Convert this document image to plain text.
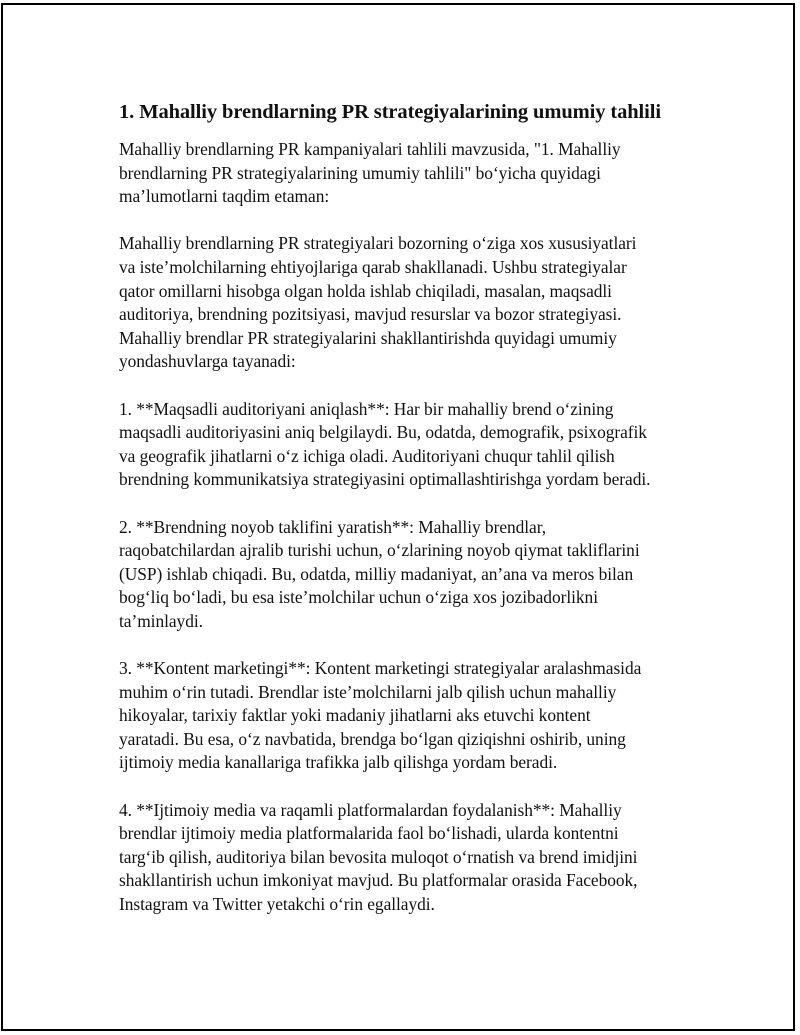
1. Mahalliy brendlarning PR strategiyalarining umumiy tahlili

Mahalliy brendlarning PR kampaniyalari tahlili mavzusida, "1. Mahalliy
brendlarning PR strategiyalarining umumiy tahlili" bo‘yicha quyidagi
ma’lumotlarni taqdim etaman:

Mahalliy brendlarning PR strategiyalari bozorning o‘ziga xos xususiyatlari
va iste’molchilarning ehtiyojlariga qarab shakllanadi. Ushbu strategiyalar
qator omillarni hisobga olgan holda ishlab chiqiladi, masalan, maqsadli
auditoriya, brendning pozitsiyasi, mavjud resurslar va bozor strategiyasi.
Mahalliy brendlar PR strategiyalarini shakllantirishda quyidagi umumiy
yondashuvlarga tayanadi:

1. **Maqsadli auditoriyani aniqlash**: Har bir mahalliy brend o‘zining
maqsadli auditoriyasini aniq belgilaydi. Bu, odatda, demografik, psixografik
va geografik jihatlarni o‘z ichiga oladi. Auditoriyani chuqur tahlil qilish
brendning kommunikatsiya strategiyasini optimallashtirishga yordam beradi.

2. **Brendning noyob taklifini yaratish**: Mahalliy brendlar,
raqobatchilardan ajralib turishi uchun, o‘zlarining noyob qiymat takliflarini
(USP) ishlab chiqadi. Bu, odatda, milliy madaniyat, an’ana va meros bilan
bog‘liq bo‘ladi, bu esa iste’molchilar uchun o‘ziga xos jozibadorlikni
ta’minlaydi.

3. **Kontent marketingi**: Kontent marketingi strategiyalar aralashmasida
muhim o‘rin tutadi. Brendlar iste’molchilarni jalb qilish uchun mahalliy
hikoyalar, tarixiy faktlar yoki madaniy jihatlarni aks etuvchi kontent
yaratadi. Bu esa, o‘z navbatida, brendga bo‘lgan qiziqishni oshirib, uning
ijtimoiy media kanallariga trafikka jalb qilishga yordam beradi.

4. **Ijtimoiy media va raqamli platformalardan foydalanish**: Mahalliy
brendlar ijtimoiy media platformalarida faol bo‘lishadi, ularda kontentni
targ‘ib qilish, auditoriya bilan bevosita muloqot o‘rnatish va brend imidjini
shakllantirish uchun imkoniyat mavjud. Bu platformalar orasida Facebook,
Instagram va Twitter yetakchi o‘rin egallaydi.
